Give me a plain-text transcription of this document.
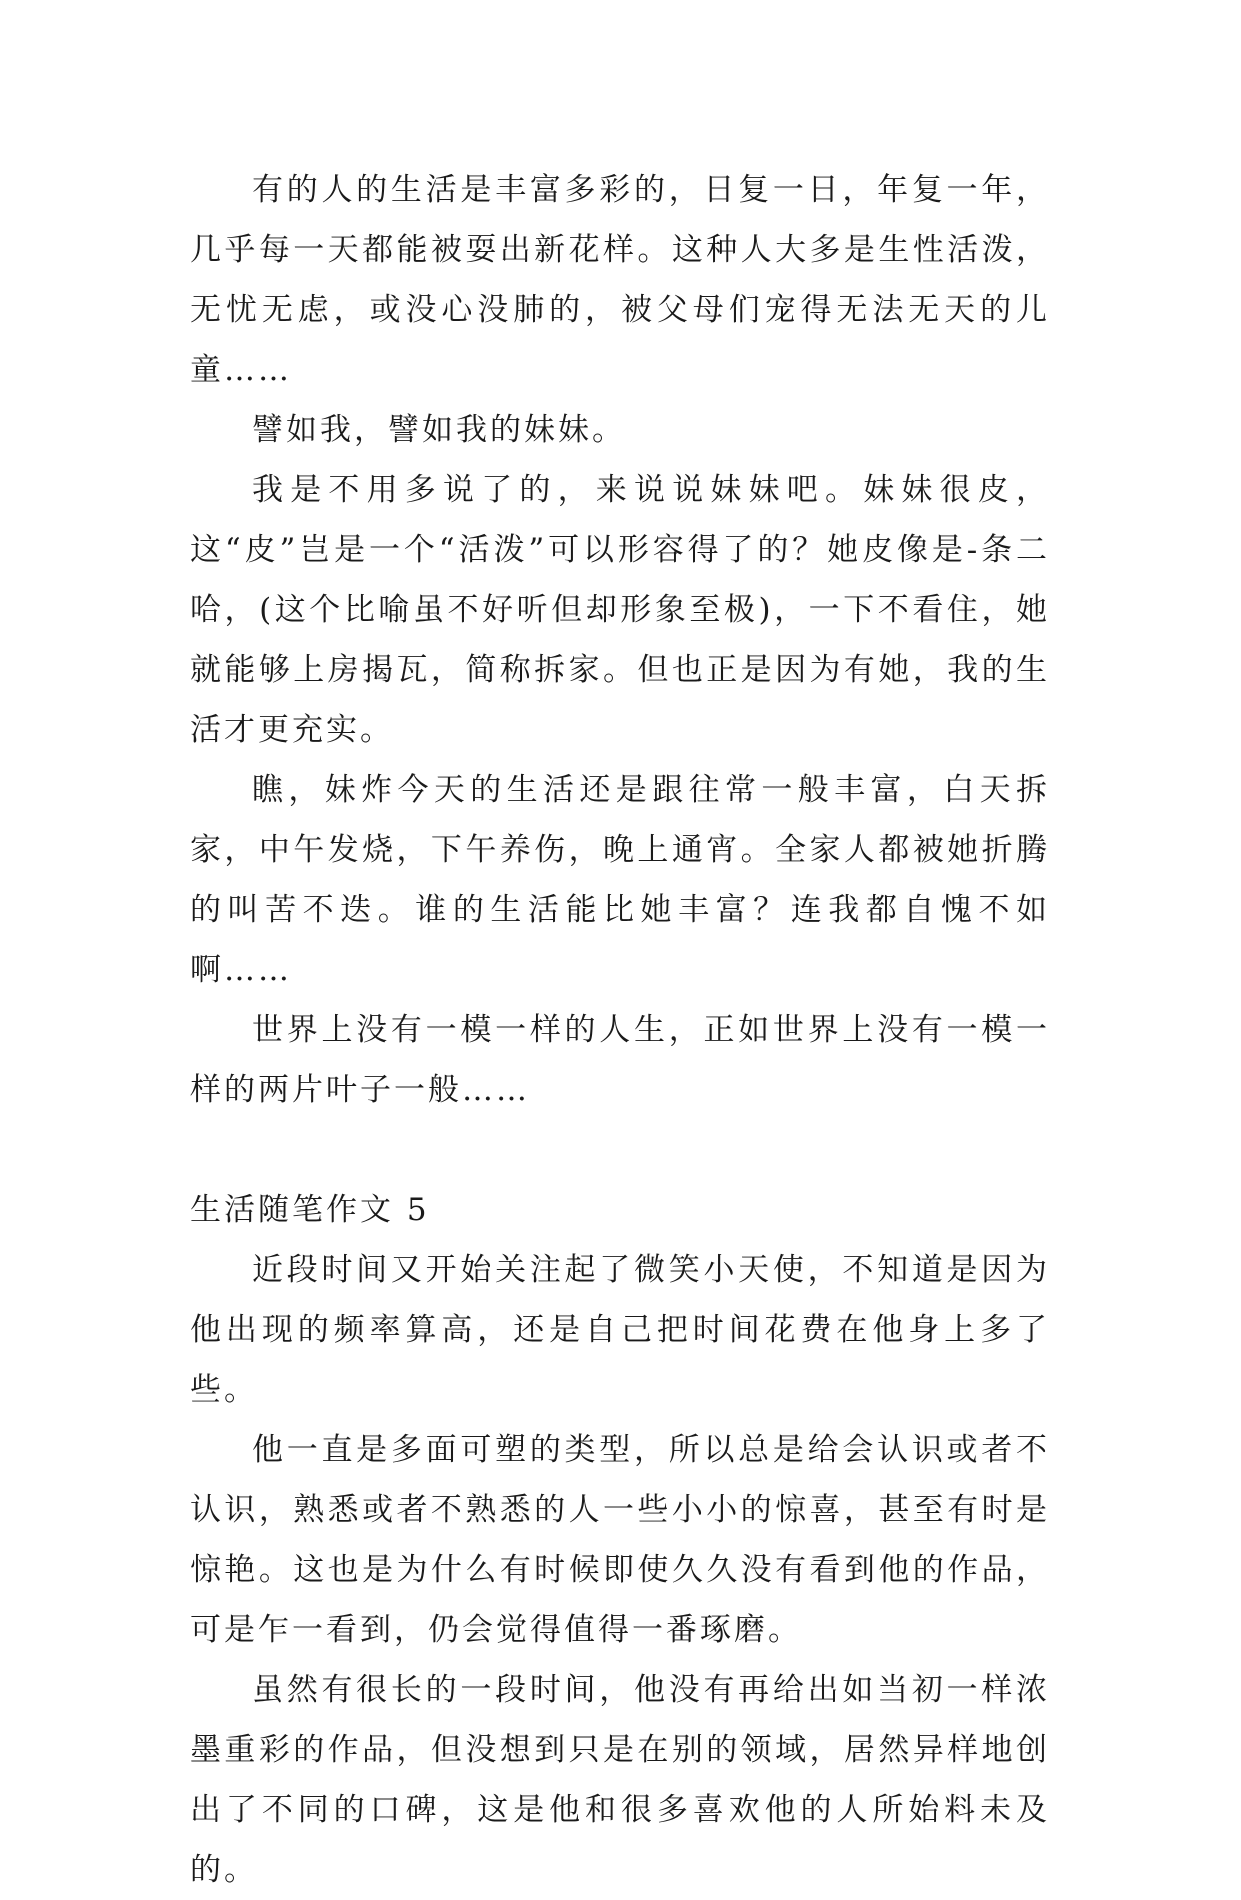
有的人的生活是丰富多彩的，日复一日，年复一年，几乎每一天都能被耍出新花样。这种人大多是生性活泼，无忧无虑，或没心没肺的，被父母们宠得无法无天的儿童……

譬如我，譬如我的妹妹。

我是不用多说了的，来说说妹妹吧。妹妹很皮，这“皮”岂是一个“活泼”可以形容得了的？她皮像是-条二哈，(这个比喻虽不好听但却形象至极)，一下不看住，她就能够上房揭瓦，简称拆家。但也正是因为有她，我的生活才更充实。

瞧，妹炸今天的生活还是跟往常一般丰富，白天拆家，中午发烧，下午养伤，晚上通宵。全家人都被她折腾的叫苦不迭。谁的生活能比她丰富？连我都自愧不如啊……

世界上没有一模一样的人生，正如世界上没有一模一样的两片叶子一般……

生活随笔作文 5

近段时间又开始关注起了微笑小天使，不知道是因为他出现的频率算高，还是自己把时间花费在他身上多了些。

他一直是多面可塑的类型，所以总是给会认识或者不认识，熟悉或者不熟悉的人一些小小的惊喜，甚至有时是惊艳。这也是为什么有时候即使久久没有看到他的作品，可是乍一看到，仍会觉得值得一番琢磨。

虽然有很长的一段时间，他没有再给出如当初一样浓墨重彩的作品，但没想到只是在别的领域，居然异样地创出了不同的口碑，这是他和很多喜欢他的人所始料未及的。
